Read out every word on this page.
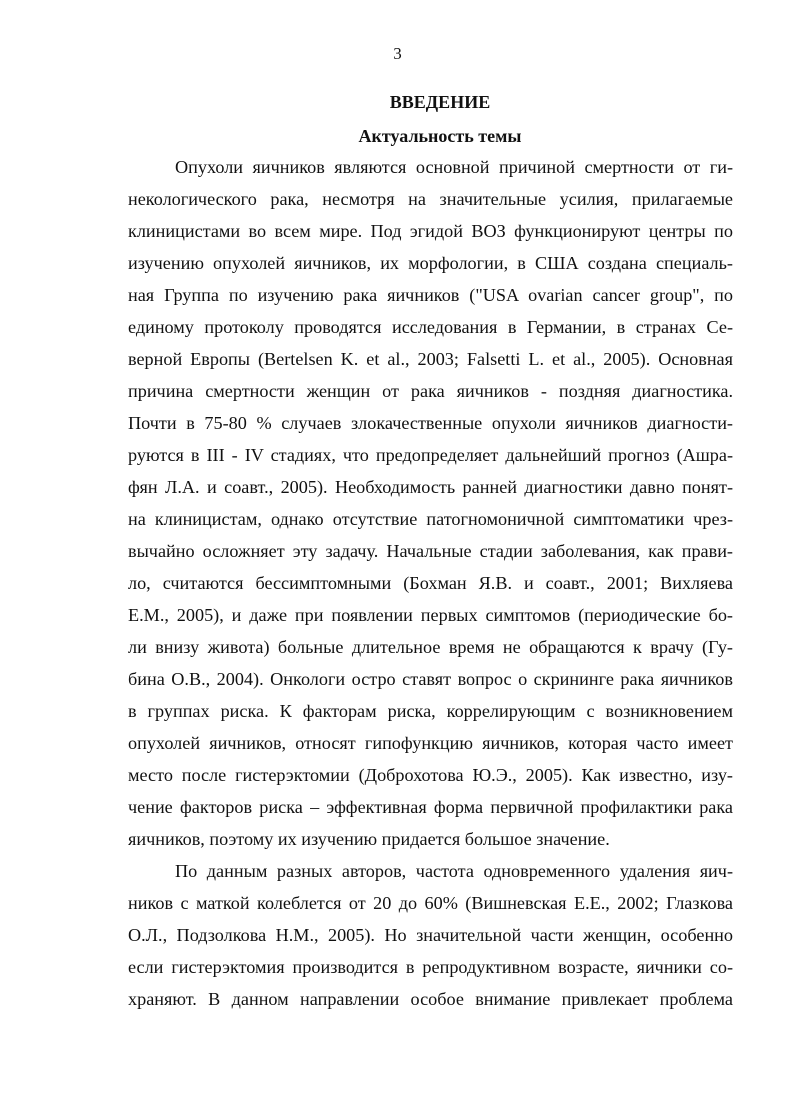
3
ВВЕДЕНИЕ
Актуальность темы
Опухоли яичников являются основной причиной смертности от ги-
некологического рака, несмотря на значительные усилия, прилагаемые
клиницистами во всем мире. Под эгидой ВОЗ функционируют центры по
изучению опухолей яичников, их морфологии, в США создана специаль-
ная Группа по изучению рака яичников ("USA ovarian cancer group", по
единому протоколу проводятся исследования в Германии, в странах Се-
верной Европы (Bertelsen K. et al., 2003; Falsetti L. et al., 2005). Основная
причина смертности женщин от рака яичников - поздняя диагностика.
Почти в 75-80 % случаев злокачественные опухоли яичников диагности-
руются в III - IV стадиях, что предопределяет дальнейший прогноз (Ашра-
фян Л.А. и соавт., 2005). Необходимость ранней диагностики давно понят-
на клиницистам, однако отсутствие патогномоничной симптоматики чрез-
вычайно осложняет эту задачу. Начальные стадии заболевания, как прави-
ло, считаются бессимптомными (Бохман Я.В. и соавт., 2001; Вихляева
Е.М., 2005), и даже при появлении первых симптомов (периодические бо-
ли внизу живота) больные длительное время не обращаются к врачу (Гу-
бина О.В., 2004). Онкологи остро ставят вопрос о скрининге рака яичников
в группах риска. К факторам риска, коррелирующим с возникновением
опухолей яичников, относят гипофункцию яичников, которая часто имеет
место после гистерэктомии (Доброхотова Ю.Э., 2005). Как известно, изу-
чение факторов риска – эффективная форма первичной профилактики рака
яичников, поэтому их изучению придается большое значение.
По данным разных авторов, частота одновременного удаления яич-
ников с маткой колеблется от 20 до 60% (Вишневская Е.Е., 2002; Глазкова
О.Л., Подзолкова Н.М., 2005). Но значительной части женщин, особенно
если гистерэктомия производится в репродуктивном возрасте, яичники со-
храняют. В данном направлении особое внимание привлекает проблема
